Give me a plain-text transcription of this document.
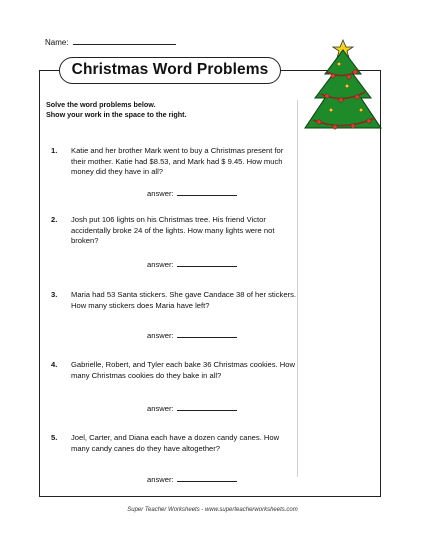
Name:
Christmas Word Problems
Solve the word problems below.
Show your work in the space to the right.
1. Katie and her brother Mark went to buy a Christmas present for their mother. Katie had $8.53, and Mark had $ 9.45. How much money did they have in all?
answer:
2. Josh put 106 lights on his Christmas tree. His friend Victor accidentally broke 24 of the lights. How many lights were not broken?
answer:
3. Maria had 53 Santa stickers. She gave Candace 38 of her stickers. How many stickers does Maria have left?
answer:
4. Gabrielle, Robert, and Tyler each bake 36 Christmas cookies. How many Christmas cookies do they bake in all?
answer:
5. Joel, Carter, and Diana each have a dozen candy canes. How many candy canes do they have altogether?
answer:
Super Teacher Worksheets - www.superteacherworksheets.com
